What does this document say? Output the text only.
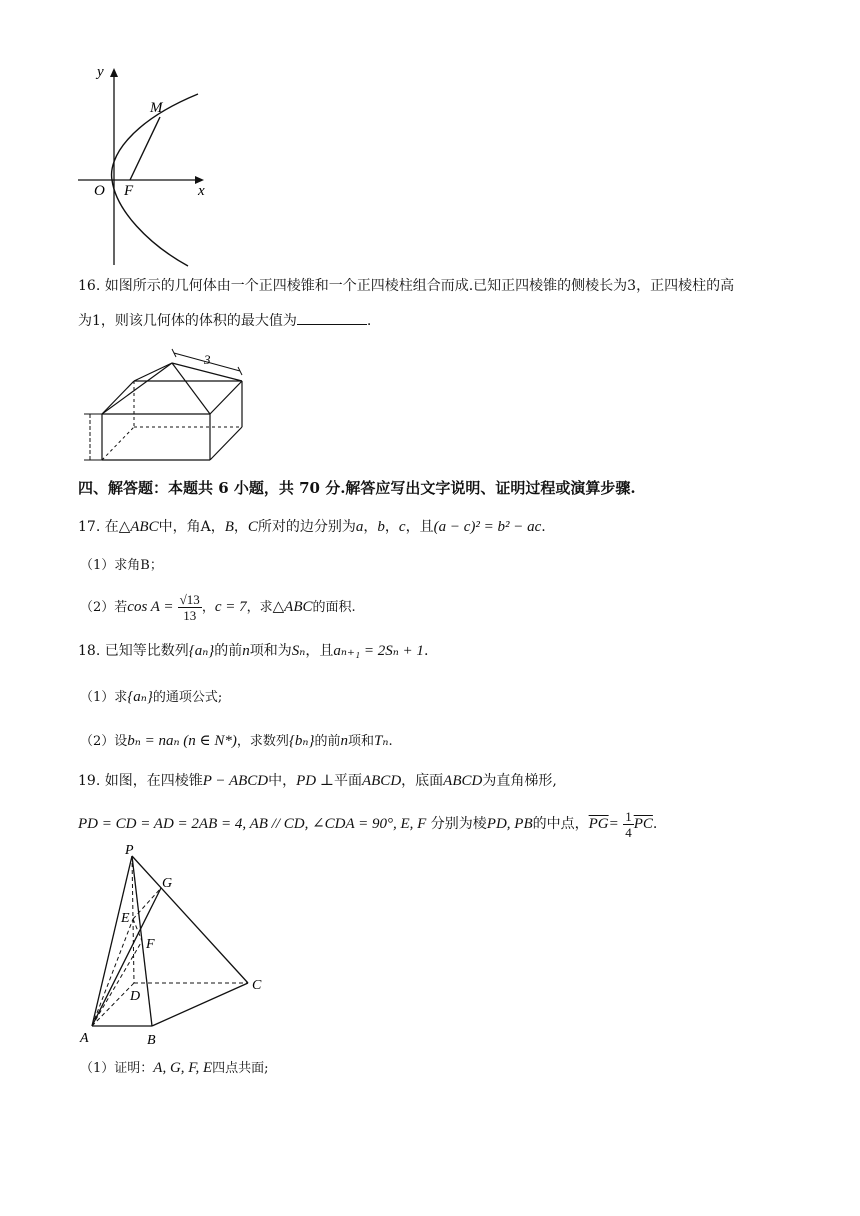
y
M
O F	x
16. 如图所示的几何体由一个正四棱锥和一个正四棱柱组合而成.已知正四棱锥的侧棱长为3，正四棱柱的高
为1，则该几何体的体积的最大值为	.
3
四、解答题：本题共 6 小题，共 70 分.解答应写出文字说明、证明过程或演算步骤.
17. 在△ABC中，角A，B，C所对的边分别为a，b，c，且(a − c)² = b² − ac.
（1）求角B；
（2）若$\cos A = \frac{√13}{13}$ ，c = 7，求△ABC的面积.
18. 已知等比数列{aₙ}的前n项和为Sₙ，且aₙ₊₁ = 2Sₙ + 1.
（1）求{aₙ}的通项公式;
（2）设bₙ = naₙ (n ∈ N*)，求数列{bₙ}的前n项和Tₙ.
19. 如图，在四棱锥P − ABCD中，PD ⊥平面ABCD，底面ABCD为直角梯形,
PD = CD = AD = 2AB = 4, AB // CD, ∠CDA = 90°, E, F 分别为棱PD, PB的中点，$\overline{PG}= \frac{1}{4} \overline{PC}$.
P
G
E
F
D
C
A	B
（1）证明：A, G, F, E四点共面;
